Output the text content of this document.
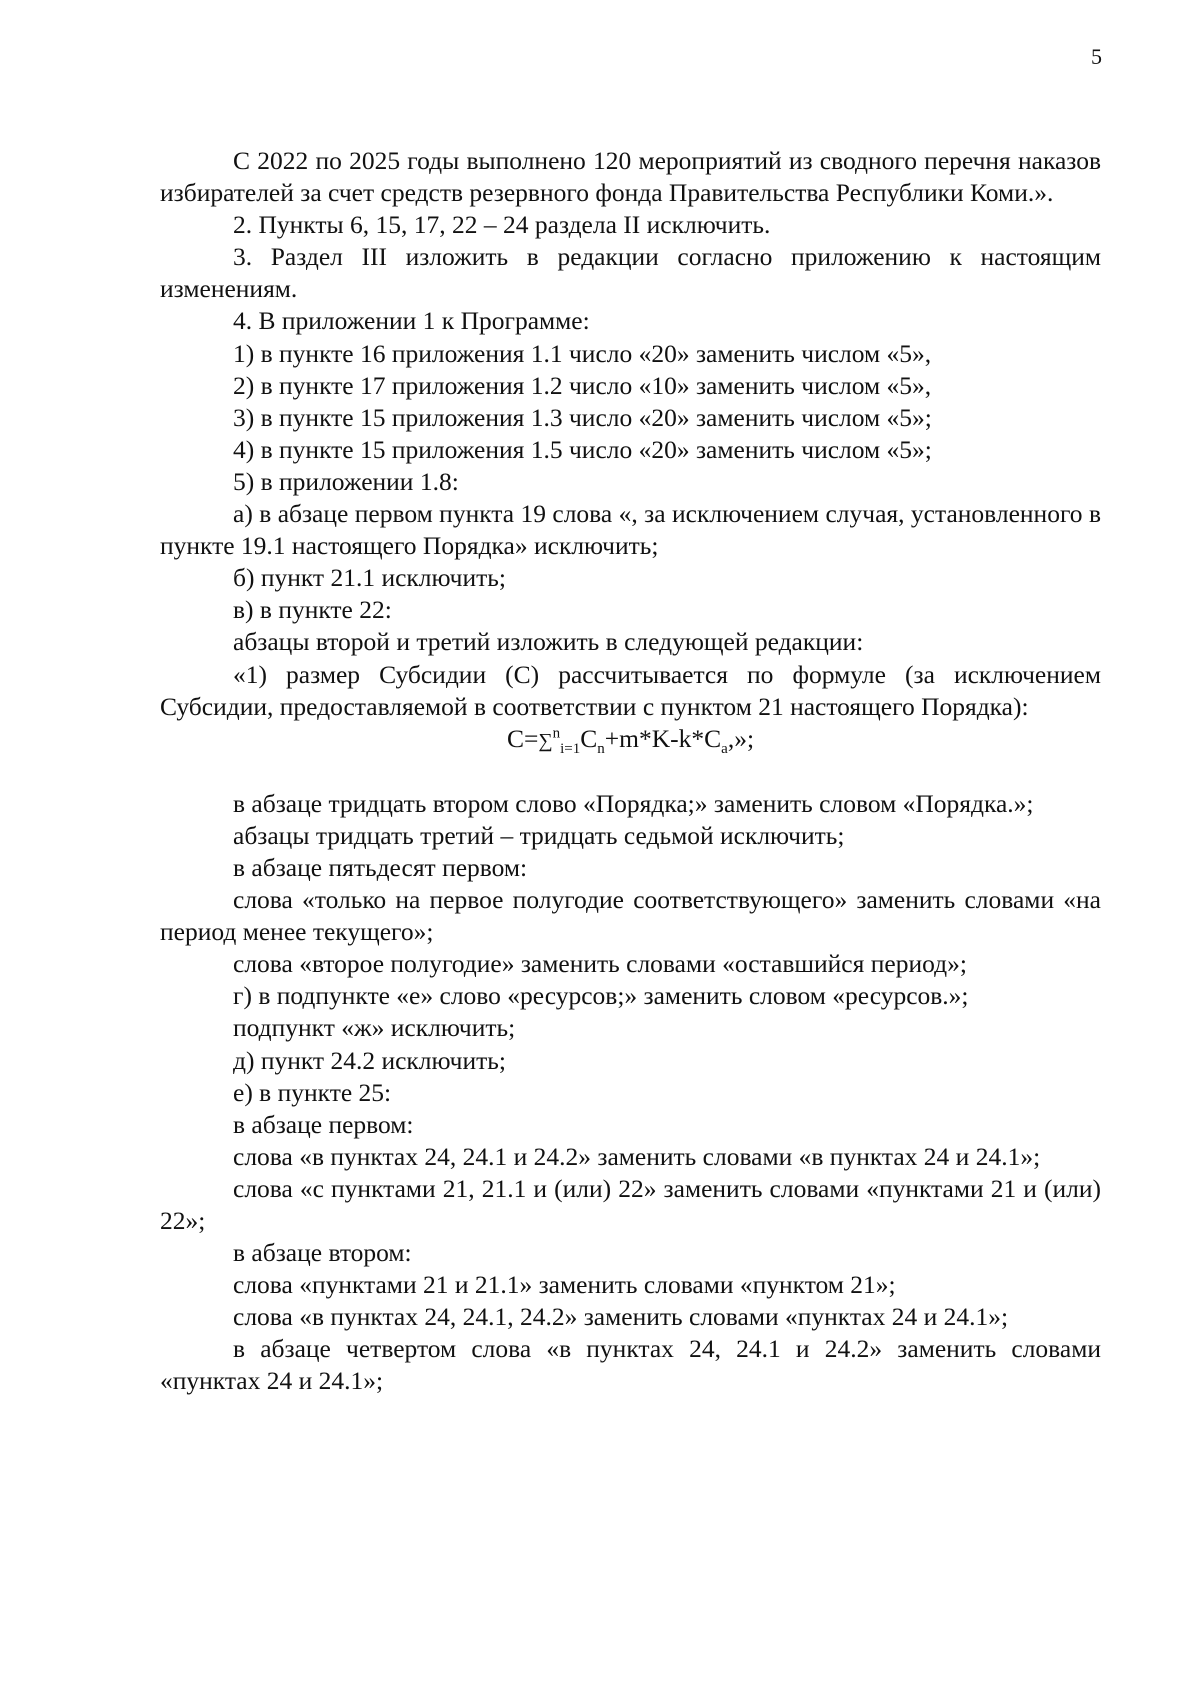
5

С 2022 по 2025 годы выполнено 120 мероприятий из сводного перечня наказов избирателей за счет средств резервного фонда Правительства Республики Коми.».

2. Пункты 6, 15, 17, 22 – 24 раздела II исключить.

3. Раздел III изложить в редакции согласно приложению к настоящим изменениям.

4. В приложении 1 к Программе:

1) в пункте 16 приложения 1.1 число «20» заменить числом «5»,

2) в пункте 17 приложения 1.2 число «10» заменить числом «5»,

3) в пункте 15 приложения 1.3 число «20» заменить числом «5»;

4) в пункте 15 приложения 1.5 число «20» заменить числом «5»;

5) в приложении 1.8:

а) в абзаце первом пункта 19 слова «, за исключением случая, установленного в пункте 19.1 настоящего Порядка» исключить;

б) пункт 21.1 исключить;

в) в пункте 22:

абзацы второй и третий изложить в следующей редакции:

«1) размер Субсидии (С) рассчитывается по формуле (за исключением Субсидии, предоставляемой в соответствии с пунктом 21 настоящего Порядка):

$C=\sum^n_{i=1}C_n+m*K-k*C_a$,»;

в абзаце тридцать втором слово «Порядка;» заменить словом «Порядка.»;

абзацы тридцать третий – тридцать седьмой исключить;

в абзаце пятьдесят первом:

слова «только на первое полугодие соответствующего» заменить словами «на период менее текущего»;

слова «второе полугодие» заменить словами «оставшийся период»;

г) в подпункте «е» слово «ресурсов;» заменить словом «ресурсов.»;

подпункт «ж» исключить;

д) пункт 24.2 исключить;

е) в пункте 25:

в абзаце первом:

слова «в пунктах 24, 24.1 и 24.2» заменить словами «в пунктах 24 и 24.1»;

слова «с пунктами 21, 21.1 и (или) 22» заменить словами «пунктами 21 и (или) 22»;

в абзаце втором:

слова «пунктами 21 и 21.1» заменить словами «пунктом 21»;

слова «в пунктах 24, 24.1, 24.2» заменить словами «пунктах 24 и 24.1»;

в абзаце четвертом слова «в пунктах 24, 24.1 и 24.2» заменить словами «пунктах 24 и 24.1»;
